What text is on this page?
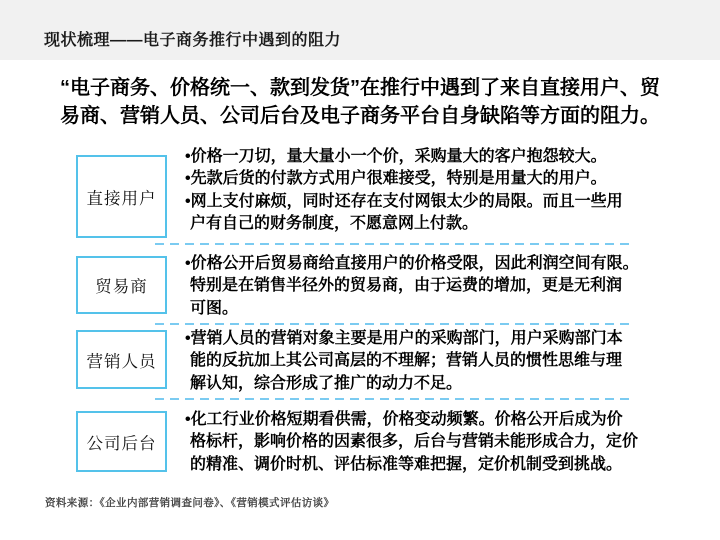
现状梳理——电子商务推行中遇到的阻力
“电子商务、价格统一、款到发货”在推行中遇到了来自直接用户、贸
易商、营销人员、公司后台及电子商务平台自身缺陷等方面的阻力。
直接用户
•价格一刀切，量大量小一个价，采购量大的客户抱怨较大。
•先款后货的付款方式用户很难接受，特别是用量大的用户。
•网上支付麻烦，同时还存在支付网银太少的局限。而且一些用
户有自己的财务制度，不愿意网上付款。
贸易商
•价格公开后贸易商给直接用户的价格受限，因此利润空间有限。
特别是在销售半径外的贸易商，由于运费的增加，更是无利润
可图。
营销人员
•营销人员的营销对象主要是用户的采购部门，用户采购部门本
能的反抗加上其公司高层的不理解；营销人员的惯性思维与理
解认知，综合形成了推广的动力不足。
公司后台
•化工行业价格短期看供需，价格变动频繁。价格公开后成为价
格标杆，影响价格的因素很多，后台与营销未能形成合力，定价
的精准、调价时机、评估标准等难把握，定价机制受到挑战。
资料来源：《企业内部营销调查问卷》、《营销模式评估访谈》
